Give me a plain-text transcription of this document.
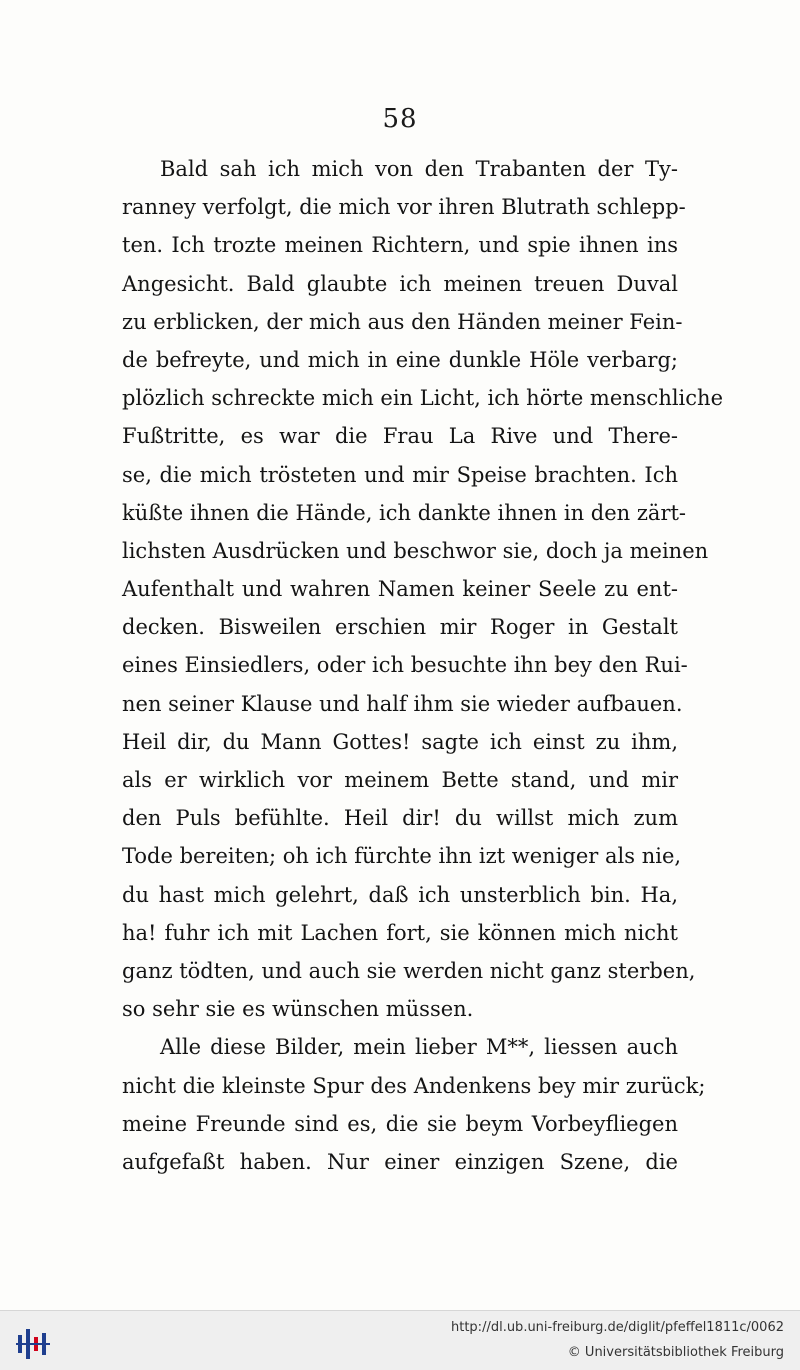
58
Bald sah ich mich von den Trabanten der Ty-
ranney verfolgt, die mich vor ihren Blutrath schlepp-
ten. Ich trozte meinen Richtern, und spie ihnen ins
Angesicht. Bald glaubte ich meinen treuen Duval
zu erblicken, der mich aus den Händen meiner Fein-
de befreyte, und mich in eine dunkle Höle verbarg;
plözlich schreckte mich ein Licht, ich hörte menschliche
Fußtritte, es war die Frau La Rive und There-
se, die mich trösteten und mir Speise brachten. Ich
küßte ihnen die Hände, ich dankte ihnen in den zärt-
lichsten Ausdrücken und beschwor sie, doch ja meinen
Aufenthalt und wahren Namen keiner Seele zu ent-
decken. Bisweilen erschien mir Roger in Gestalt
eines Einsiedlers, oder ich besuchte ihn bey den Rui-
nen seiner Klause und half ihm sie wieder aufbauen.
Heil dir, du Mann Gottes! sagte ich einst zu ihm,
als er wirklich vor meinem Bette stand, und mir
den Puls befühlte. Heil dir! du willst mich zum
Tode bereiten; oh ich fürchte ihn izt weniger als nie,
du hast mich gelehrt, daß ich unsterblich bin. Ha,
ha! fuhr ich mit Lachen fort, sie können mich nicht
ganz tödten, und auch sie werden nicht ganz sterben,
so sehr sie es wünschen müssen.
Alle diese Bilder, mein lieber M**, liessen auch
nicht die kleinste Spur des Andenkens bey mir zurück;
meine Freunde sind es, die sie beym Vorbeyfliegen
aufgefaßt haben. Nur einer einzigen Szene, die
http://dl.ub.uni-freiburg.de/diglit/pfeffel1811c/0062
© Universitätsbibliothek Freiburg
